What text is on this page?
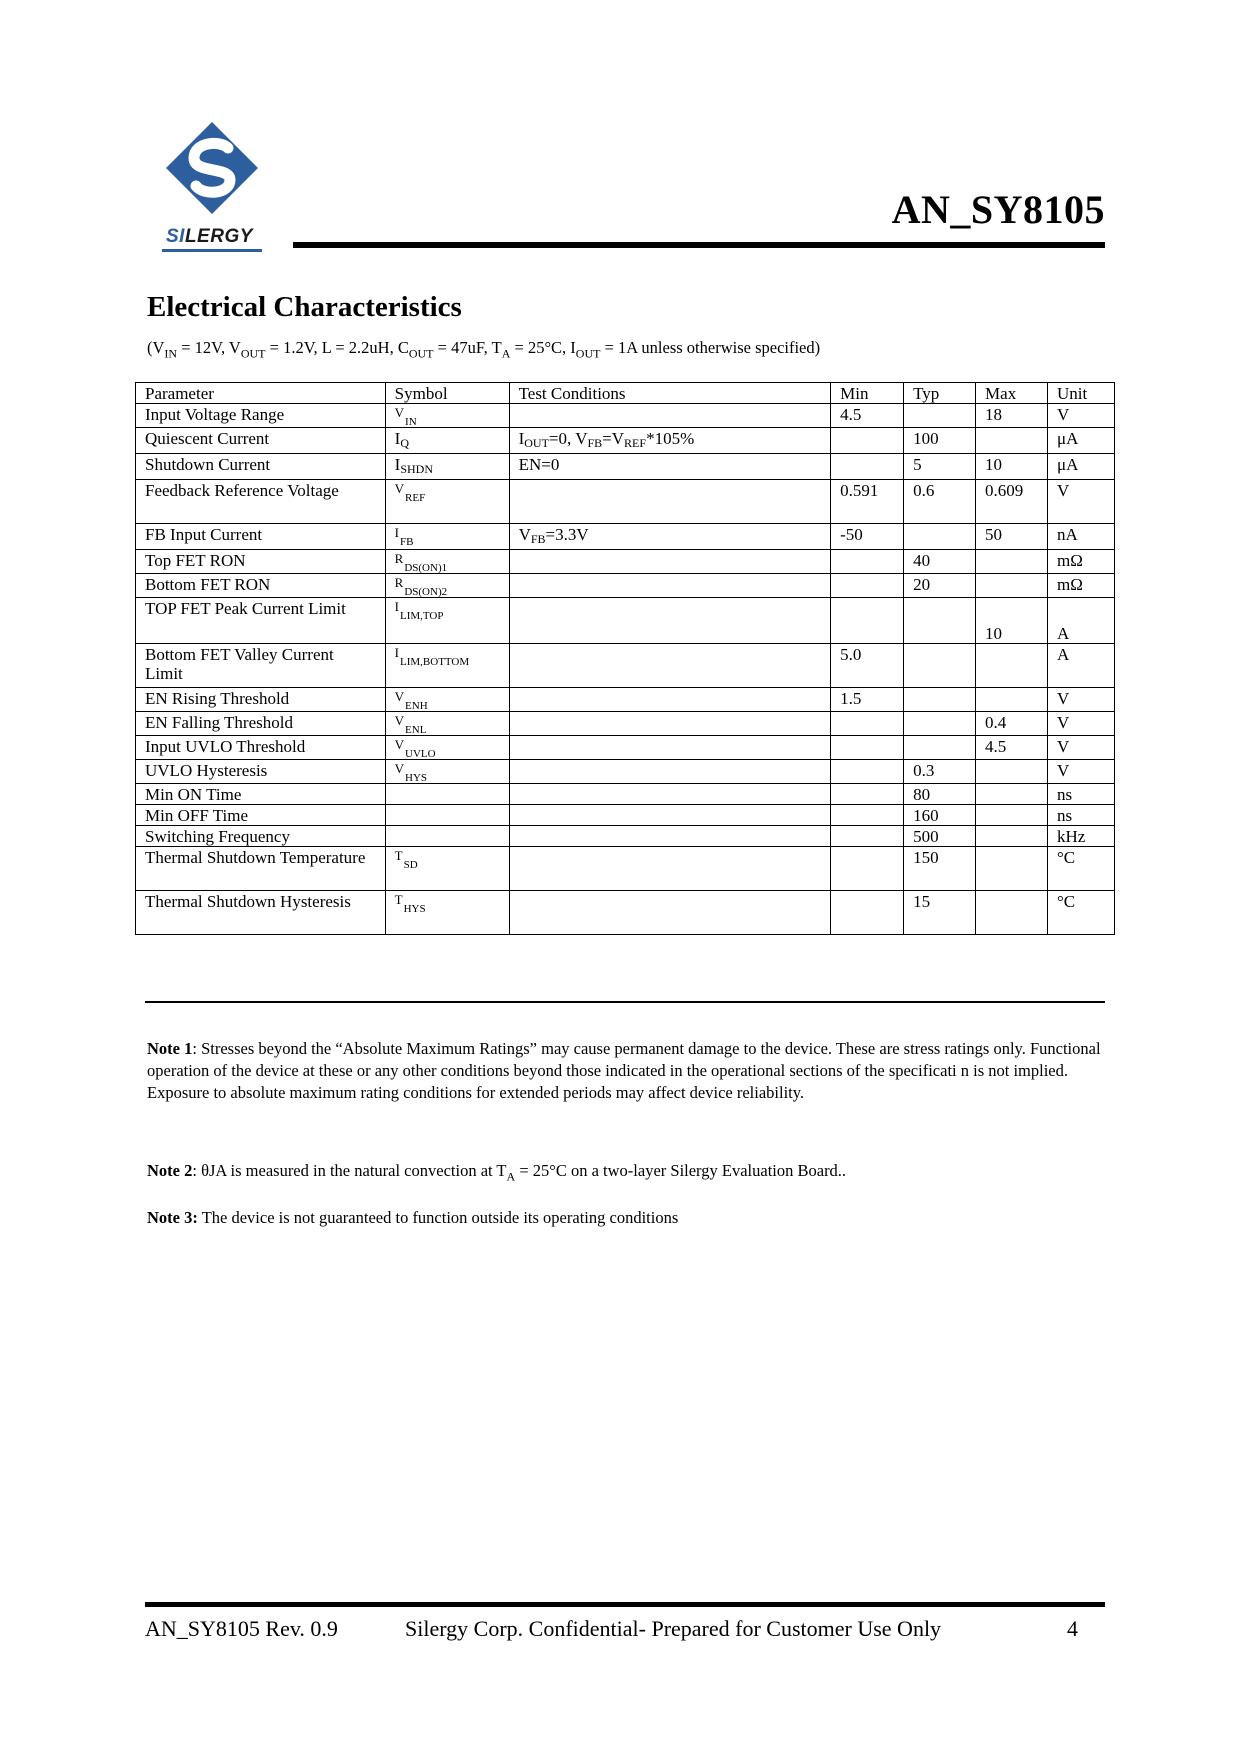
SILERGY
AN_SY8105
Electrical Characteristics
($V_{IN} = 12V$, $V_{OUT} = 1.2V$, L = 2.2uH, $C_{OUT} = 47uF$, $T_A = 25^\circ C$, $I_{OUT} = 1A$ unless otherwise specified)
Parameter	Symbol	Test Conditions	Min	Typ	Max	Unit
Input Voltage Range	$_{VIN}$		4.5		18	V
Quiescent Current	$I_Q$	$I_{OUT}=0$, $V_{FB}=V_{REF}*105\%$		100		μA
Shutdown Current	$I_{SHDN}$	EN=0		5	10	μA
Feedback Reference Voltage	$_{VREF}$		0.591	0.6	0.609	V
FB Input Current	$_{IFB}$	$V_{FB}=3.3V$	-50		50	nA
Top FET RON	$_{RDS(ON)1}$			40		mΩ
Bottom FET RON	$_{RDS(ON)2}$			20		mΩ
TOP FET Peak Current Limit	$_{ILIM,TOP}$				10	A
Bottom FET Valley Current Limit	$_{ILIM,BOTTOM}$		5.0			A
EN Rising Threshold	$_{VENH}$		1.5			V
EN Falling Threshold	$_{VENL}$				0.4	V
Input UVLO Threshold	$_{VUVLO}$				4.5	V
UVLO Hysteresis	$_{VHYS}$			0.3		V
Min ON Time				80		ns
Min OFF Time				160		ns
Switching Frequency				500		kHz
Thermal Shutdown Temperature	$_{TSD}$			150		°C
Thermal Shutdown Hysteresis	$_{THYS}$			15		°C
Note 1: Stresses beyond the “Absolute Maximum Ratings” may cause permanent damage to the device. These are stress ratings only. Functional operation of the device at these or any other conditions beyond those indicated in the operational sections of the specificati n is not implied. Exposure to absolute maximum rating conditions for extended periods may affect device reliability.
Note 2: θJA is measured in the natural convection at $T_A = 25^\circ C$ on a two-layer Silergy Evaluation Board..
Note 3: The device is not guaranteed to function outside its operating conditions
AN_SY8105 Rev. 0.9	Silergy Corp. Confidential- Prepared for Customer Use Only	4
